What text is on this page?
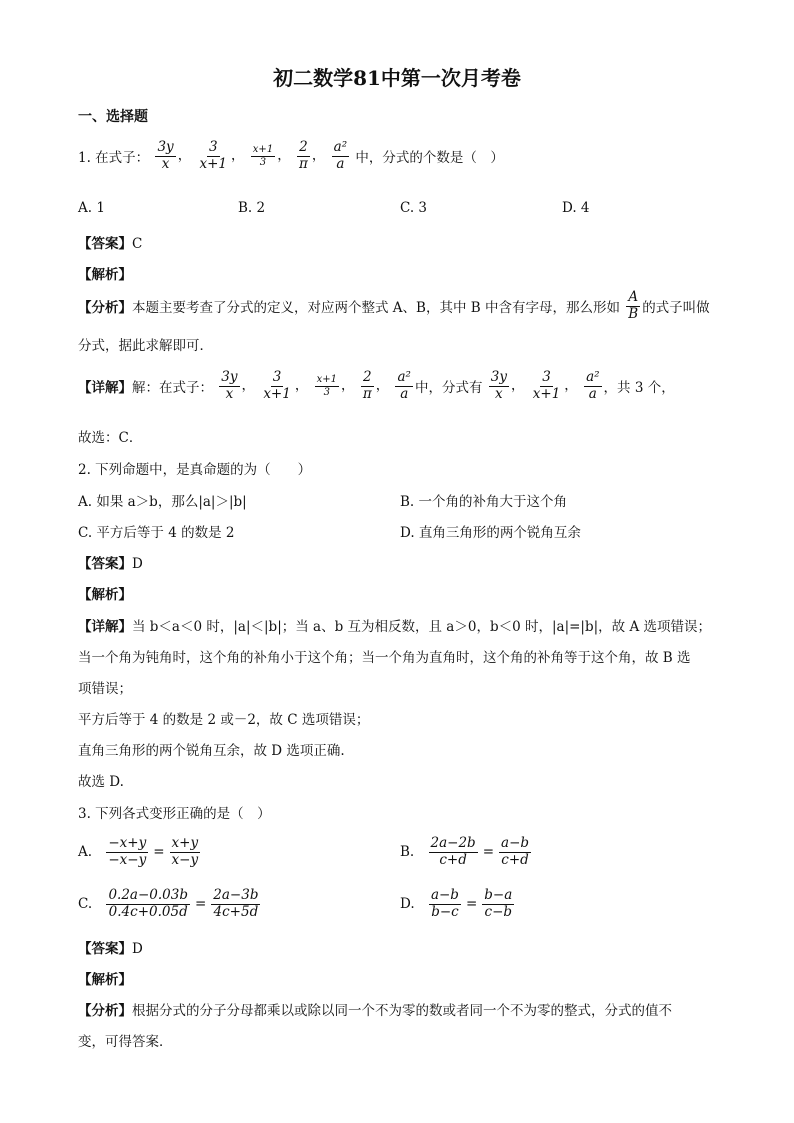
初二数学81中第一次月考卷
一、选择题
1. 在式子： $\frac{3y}{x}$ ， $\frac{3}{x+1}$ ， $\frac{x+1}{3}$ ， $\frac{2}{\pi}$ ， $\frac{\text{a²}}{a}$ 中，分式的个数是（　）
A. 1	B. 2	C. 3	D. 4
【答案】C
【解析】
【分析】本题主要考查了分式的定义，对应两个整式 A、B，其中 B 中含有字母，那么形如 $\frac{A}{B}$ 的式子叫做
分式，据此求解即可．
【详解】解：在式子： $\frac{3y}{x}$ ， $\frac{3}{x+1}$ ， $\frac{x+1}{3}$ ， $\frac{2}{\pi}$ ， $\frac{\text{a²}}{a}$ 中，分式有 $\frac{3y}{x}$ ， $\frac{3}{x+1}$ ， $\frac{\text{a²}}{a}$ ，共 3 个，
故选：C．
2. 下列命题中，是真命题的为（　　）
A. 如果 a＞b，那么|a|＞|b|	B. 一个角的补角大于这个角
C. 平方后等于 4 的数是 2	D. 直角三角形的两个锐角互余
【答案】D
【解析】
【详解】当 b＜a＜0 时，|a|＜|b|；当 a、b 互为相反数，且 a＞0，b＜0 时，|a|=|b|，故 A 选项错误；
当一个角为钝角时，这个角的补角小于这个角；当一个角为直角时，这个角的补角等于这个角，故 B 选
项错误；
平方后等于 4 的数是 2 或－2，故 C 选项错误；
直角三角形的两个锐角互余，故 D 选项正确.
故选 D.
3. 下列各式变形正确的是（　）
A. $\frac{-x+y}{-x-y} = \frac{x+y}{x-y}$	B. $\frac{2a-2b}{c+d} = \frac{a-b}{c+d}$
C. $\frac{0.2a-0.03b}{0.4c+0.05d} = \frac{2a-3b}{4c+5d}$	D. $\frac{a-b}{b-c} = \frac{b-a}{c-b}$
【答案】D
【解析】
【分析】根据分式的分子分母都乘以或除以同一个不为零的数或者同一个不为零的整式，分式的值不
变，可得答案．
